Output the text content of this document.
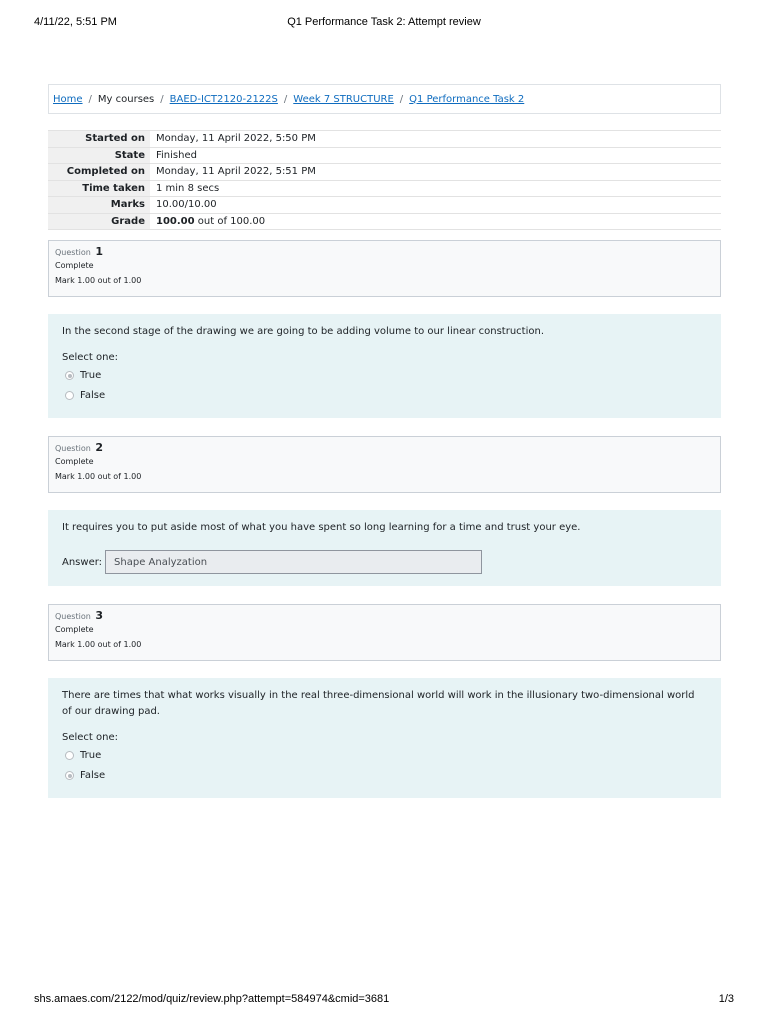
4/11/22, 5:51 PM	Q1 Performance Task 2: Attempt review
Home / My courses / BAED-ICT2120-2122S / Week 7 STRUCTURE / Q1 Performance Task 2
Started on	Monday, 11 April 2022, 5:50 PM
State	Finished
Completed on	Monday, 11 April 2022, 5:51 PM
Time taken	1 min 8 secs
Marks	10.00/10.00
Grade	100.00 out of 100.00
Question 1
Complete
Mark 1.00 out of 1.00
In the second stage of the drawing we are going to be adding volume to our linear construction.
Select one:
True
False
Question 2
Complete
Mark 1.00 out of 1.00
It requires you to put aside most of what you have spent so long learning for a time and trust your eye.
Answer:	Shape Analyzation
Question 3
Complete
Mark 1.00 out of 1.00
There are times that what works visually in the real three-dimensional world will work in the illusionary two-dimensional world of our drawing pad.
Select one:
True
False
shs.amaes.com/2122/mod/quiz/review.php?attempt=584974&cmid=3681	1/3
